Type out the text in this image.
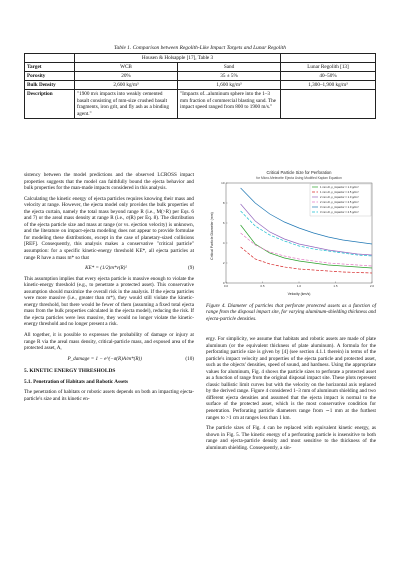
Table 1. Comparison between Regolith-Like Impact Targets and Lunar Regolith
	Housen & Holsapple [17], Table 3		
Target	WCB	Sand	Lunar Regolith [13]
Porosity	20%	35 ± 5%	40–50%
Bulk Density	2,600 kg/m³	1,600 kg/m³	1,300–1,900 kg/m³
Description	"1900 m/s impacts into weakly cemented basalt consisting of mm-size crushed basalt fragments, iron grit, and fly ash as a binding agent."	"Impacts of...aluminum sphere into the 1–3 mm fraction of commercial blasting sand. The impact speed ranged from 800 to 1900 m/s."	

sistency between the model predictions and the observed LCROSS impact properties suggests that the model can faithfully bound the ejecta behavior and bulk properties for the man-made impacts considered in this analysis.

Calculating the kinetic energy of ejecta particles requires knowing their mass and velocity at range. However, the ejecta model only provides the bulk properties of the ejecta curtain, namely the total mass beyond range R (i.e., M(>R) per Eqs. 6 and 7) or the areal mass density at range R (i.e., σ(R) per Eq. 8). The distribution of the ejecta particle size and mass at range (or vs. ejection velocity) is unknown, and the literature on impact-ejecta modeling does not appear to provide formulae for modeling these distributions, except in the case of planetary-sized collisions [REF]. Consequently, this analysis makes a conservative "critical particle" assumption: for a specific kinetic-energy threshold KE*, all ejecta particles at range R have a mass m* so that

KE* = (1/2)m*v(R)²	(9)

This assumption implies that every ejecta particle is massive enough to violate the kinetic-energy threshold (e.g., to penetrate a protected asset). This conservative assumption should maximize the overall risk in the analysis. If the ejecta particles were more massive (i.e., greater than m*), they would still violate the kinetic-energy threshold, but there would be fewer of them (assuming a fixed total ejecta mass from the bulk properties calculated in the ejecta model), reducing the risk. If the ejecta particles were less massive, they would no longer violate the kinetic-energy threshold and no longer present a risk.

All together, it is possible to expresses the probability of damage or injury at range R via the areal mass density, critical-particle mass, and exposed area of the protected asset, A,

P_damage = 1 − e^(−σ(R)A/m*(R))	(10)
5. KINETIC ENERGY THRESHOLDS
5.1. Penetration of Habitats and Robotic Assets

The penetration of habitats or robotic assets depends on both an impacting ejecta-particle's size and its kinetic en-

Critical Particle Size for Perforation
for Micro-Meteorite Ejecta Using Modified Kaplan Equation
0.0	0.5	1.0	1.5	2.0
0
2
4
6
8
10
1 mm Al, ρ_impactor = 1.0 g/cm³
1 mm Al, ρ_impactor = 2.5 g/cm³
2 mm Al, ρ_impactor = 1.0 g/cm³
2 mm Al, ρ_impactor = 2.5 g/cm³
3 mm Al, ρ_impactor = 1.0 g/cm³
3 mm Al, ρ_impactor = 2.5 g/cm³
Velocity (km/s)
Critical Particle Diameter (mm)
Figure 4. Diameter of particles that perforate protected assets as a function of range from the disposal impact site, for varying aluminum-shielding thickness and ejecta-particle densities.

ergy. For simplicity, we assume that habitats and robotic assets are made of plate aluminum (or the equivalent thickness of plate aluminum). A formula for the perforating particle size is given by [4] (see section 4.1.1 therein) in terms of the particle's impact velocity and properties of the ejecta particle and protected asset, such as the objects' densities, speed of sound, and hardness. Using the appropriate values for aluminum, Fig. 4 shows the particle sizes to perforate a protected asset as a function of range from the original disposal impact site. These plots represent classic ballistic limit curves but with the velocity on the horizontal axis replaced by the derived range. Figure 4 considered 1–3 mm of aluminum shielding and two different ejecta densities and assumed that the ejecta impact is normal to the surface of the protected asset, which is the most conservative condition for penetration. Perforating particle diameters range from ∼1 mm at the furthest ranges to >1 cm at ranges less than 1 km.

The particle sizes of Fig. 4 can be replaced with equivalent kinetic energy, as shown in Fig. 5. The kinetic energy of a perforating particle is insensitive to both range and ejecta-particle density and most sensitive to the thickness of the aluminum shielding. Consequently, a sin-
